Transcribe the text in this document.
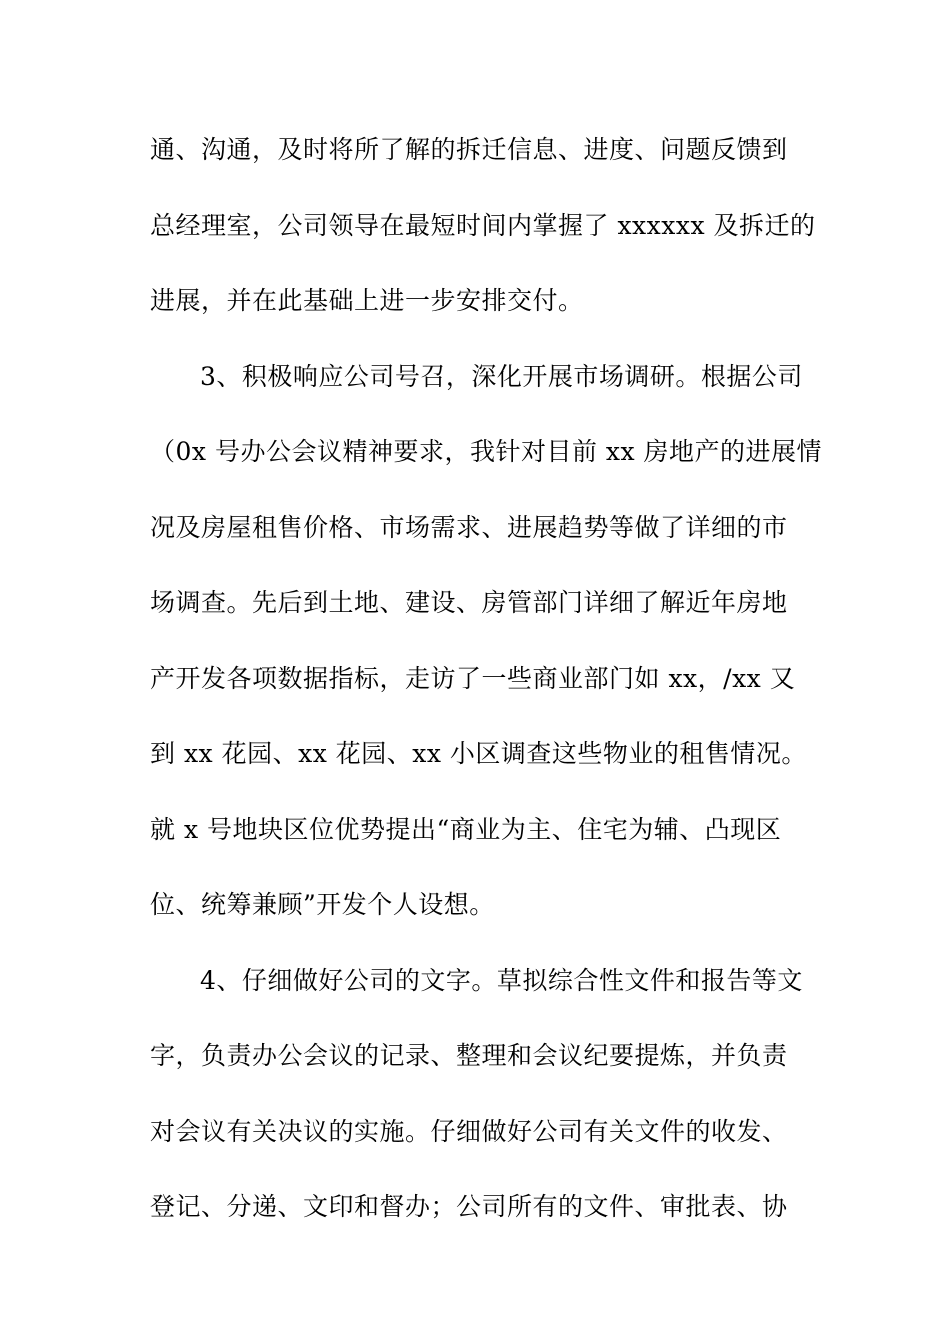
通、沟通，及时将所了解的拆迁信息、进度、问题反馈到
总经理室，公司领导在最短时间内掌握了 xxxxxx 及拆迁的
进展，并在此基础上进一步安排交付。
3、积极响应公司号召，深化开展市场调研。根据公司
（0x 号办公会议精神要求，我针对目前 xx 房地产的进展情
况及房屋租售价格、市场需求、进展趋势等做了详细的市
场调查。先后到土地、建设、房管部门详细了解近年房地
产开发各项数据指标，走访了一些商业部门如 xx，/xx 又
到 xx 花园、xx 花园、xx 小区调查这些物业的租售情况。
就 x 号地块区位优势提出“商业为主、住宅为辅、凸现区
位、统筹兼顾”开发个人设想。
4、仔细做好公司的文字。草拟综合性文件和报告等文
字，负责办公会议的记录、整理和会议纪要提炼，并负责
对会议有关决议的实施。仔细做好公司有关文件的收发、
登记、分递、文印和督办；公司所有的文件、审批表、协
